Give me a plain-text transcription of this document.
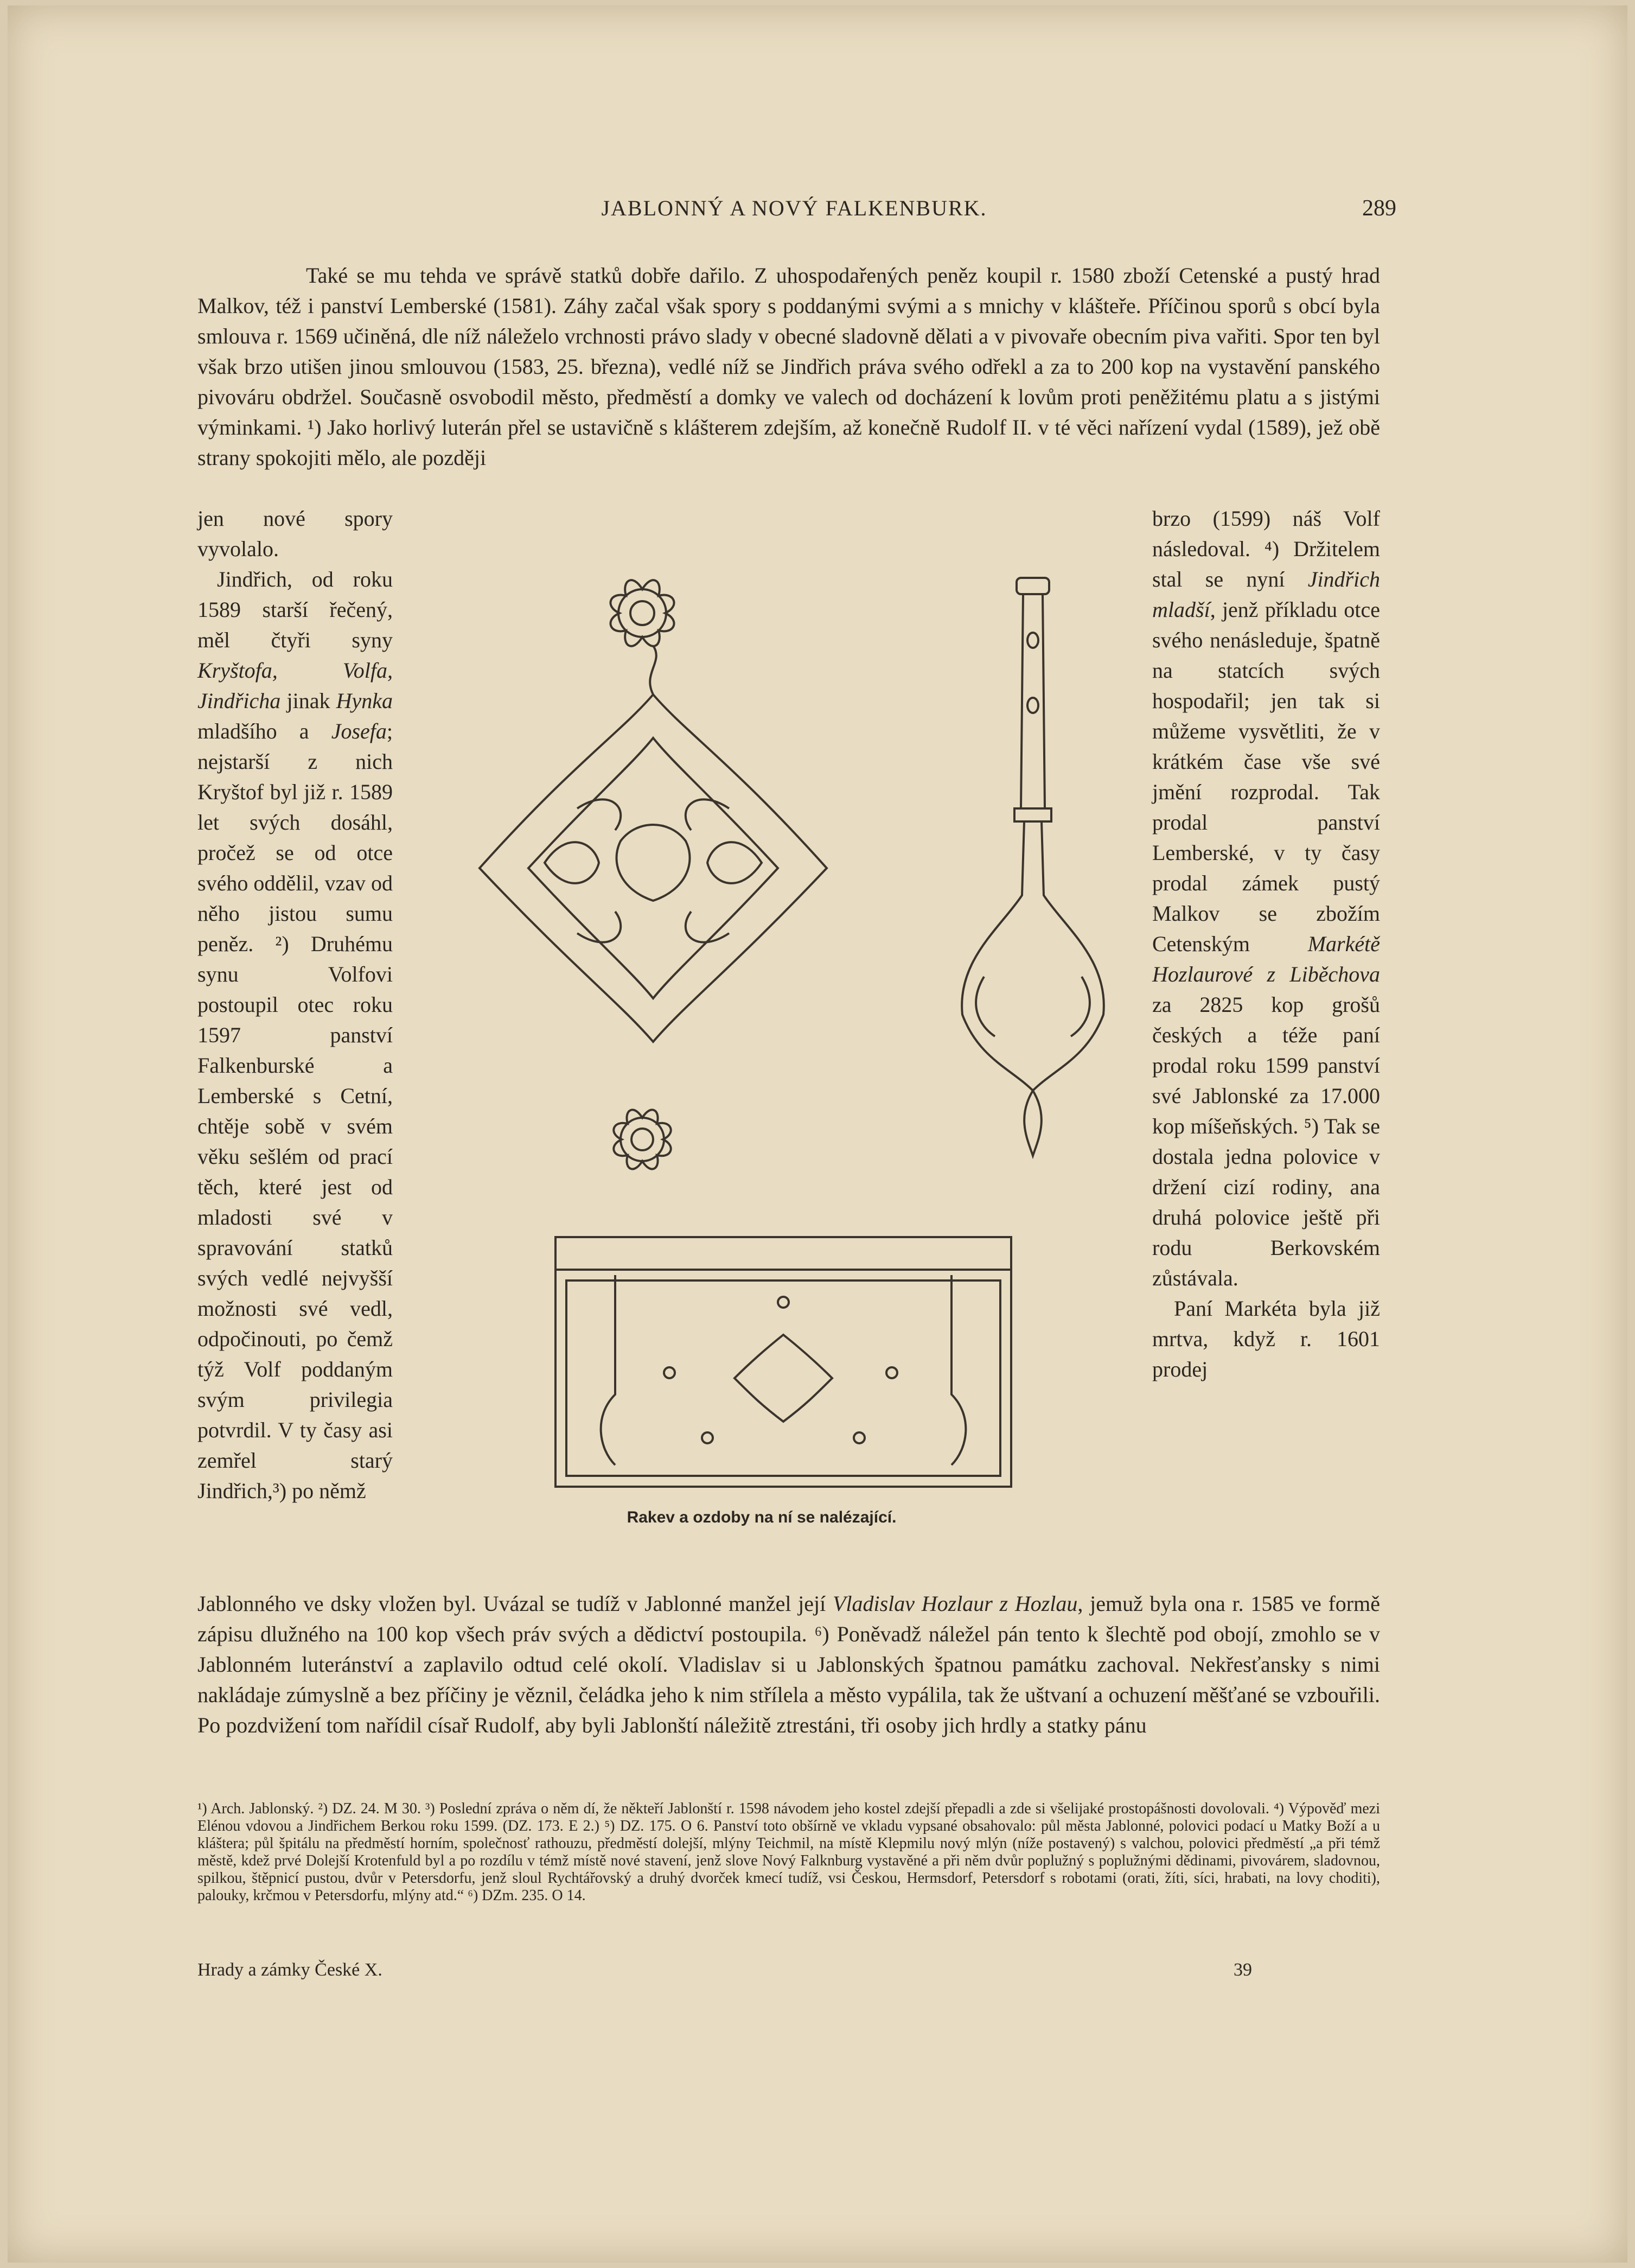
JABLONNÝ A NOVÝ FALKENBURK.	289

Také se mu tehda ve správě statků dobře dařilo. Z uhospodařených peněz koupil r. 1580 zboží Cetenské a pustý hrad Malkov, též i panství Lemberské (1581). Záhy začal však spory s poddanými svými a s mnichy v klášteře. Příčinou sporů s obcí byla smlouva r. 1569 učiněná, dle níž náleželo vrchnosti právo slady v obecné sladovně dělati a v pivovaře obecním piva vařiti. Spor ten byl však brzo utišen jinou smlouvou (1583, 25. března), vedlé níž se Jindřich práva svého odřekl a za to 200 kop na vystavění panského pivováru obdržel. Současně osvobodil město, předměstí a domky ve valech od docházení k lovům proti peněžitému platu a s jistými výminkami. ¹) Jako horlivý luterán přel se ustavičně s klášterem zdejším, až konečně Rudolf II. v té věci nařízení vydal (1589), jež obě strany spokojiti mělo, ale později

jen nové spory vyvolalo.

Jindřich, od roku 1589 starší řečený, měl čtyři syny Kryštofa, Volfa, Jindřicha jinak Hynka mladšího a Josefa; nejstarší z nich Kryštof byl již r. 1589 let svých dosáhl, pročež se od otce svého oddělil, vzav od něho jistou sumu peněz. ²) Druhému synu Volfovi postoupil otec roku 1597 panství Falkenburské a Lemberské s Cetní, chtěje sobě v svém věku sešlém od prací těch, které jest od mladosti své v spravování statků svých vedlé nejvyšší možnosti své vedl, odpočinouti, po čemž týž Volf poddaným svým privilegia potvrdil. V ty časy asi zemřel starý Jindřich,³) po němž

brzo (1599) náš Volf následoval. ⁴) Držitelem stal se nyní Jindřich mladší, jenž příkladu otce svého nenásleduje, špatně na statcích svých hospodařil; jen tak si můžeme vysvětliti, že v krátkém čase vše své jmění rozprodal. Tak prodal panství Lemberské, v ty časy prodal zámek pustý Malkov se zbožím Cetenským Markétě Hozlaurové z Liběchova za 2825 kop grošů českých a téže paní prodal roku 1599 panství své Jablonské za 17.000 kop míšeňských. ⁵) Tak se dostala jedna polovice v držení cizí rodiny, ana druhá polovice ještě při rodu Berkovském zůstávala.

Paní Markéta byla již mrtva, když r. 1601 prodej

Rakev a ozdoby na ní se nalézající.

Jablonného ve dsky vložen byl. Uvázal se tudíž v Jablonné manžel její Vladislav Hozlaur z Hozlau, jemuž byla ona r. 1585 ve formě zápisu dlužného na 100 kop všech práv svých a dědictví postoupila. ⁶) Poněvadž náležel pán tento k šlechtě pod obojí, zmohlo se v Jablonném luteránství a zaplavilo odtud celé okolí. Vladislav si u Jablonských špatnou památku zachoval. Nekřesťansky s nimi nakládaje zúmyslně a bez příčiny je věznil, čeládka jeho k nim střílela a město vypálila, tak že uštvaní a ochuzení měšťané se vzbouřili. Po pozdvižení tom nařídil císař Rudolf, aby byli Jablonští náležitě ztrestáni, tři osoby jich hrdly a statky pánu

¹) Arch. Jablonský. ²) DZ. 24. M 30. ³) Poslední zpráva o něm dí, že někteří Jablonští r. 1598 návodem jeho kostel zdejší přepadli a zde si všelijaké prostopášnosti dovolovali. ⁴) Výpověď mezi Elénou vdovou a Jindřichem Berkou roku 1599. (DZ. 173. E 2.) ⁵) DZ. 175. O 6. Panství toto obšírně ve vkladu vypsané obsahovalo: půl města Jablonné, polovici podací u Matky Boží a u kláštera; půl špitálu na předměstí horním, společnosť rathouzu, předměstí dolejší, mlýny Teichmil, na místě Klepmilu nový mlýn (níže postavený) s valchou, polovici předměstí „a při témž městě, kdež prvé Dolejší Krotenfuld byl a po rozdílu v témž místě nové stavení, jenž slove Nový Falknburg vystavěné a při něm dvůr poplužný s poplužnými dědinami, pivovárem, sladovnou, spilkou, štěpnicí pustou, dvůr v Petersdorfu, jenž sloul Rychtářovský a druhý dvorček kmecí tudíž, vsi Českou, Hermsdorf, Petersdorf s robotami (orati, žíti, síci, hrabati, na lovy choditi), palouky, krčmou v Petersdorfu, mlýny atd.“ ⁶) DZm. 235. O 14.

Hrady a zámky České X.	39
